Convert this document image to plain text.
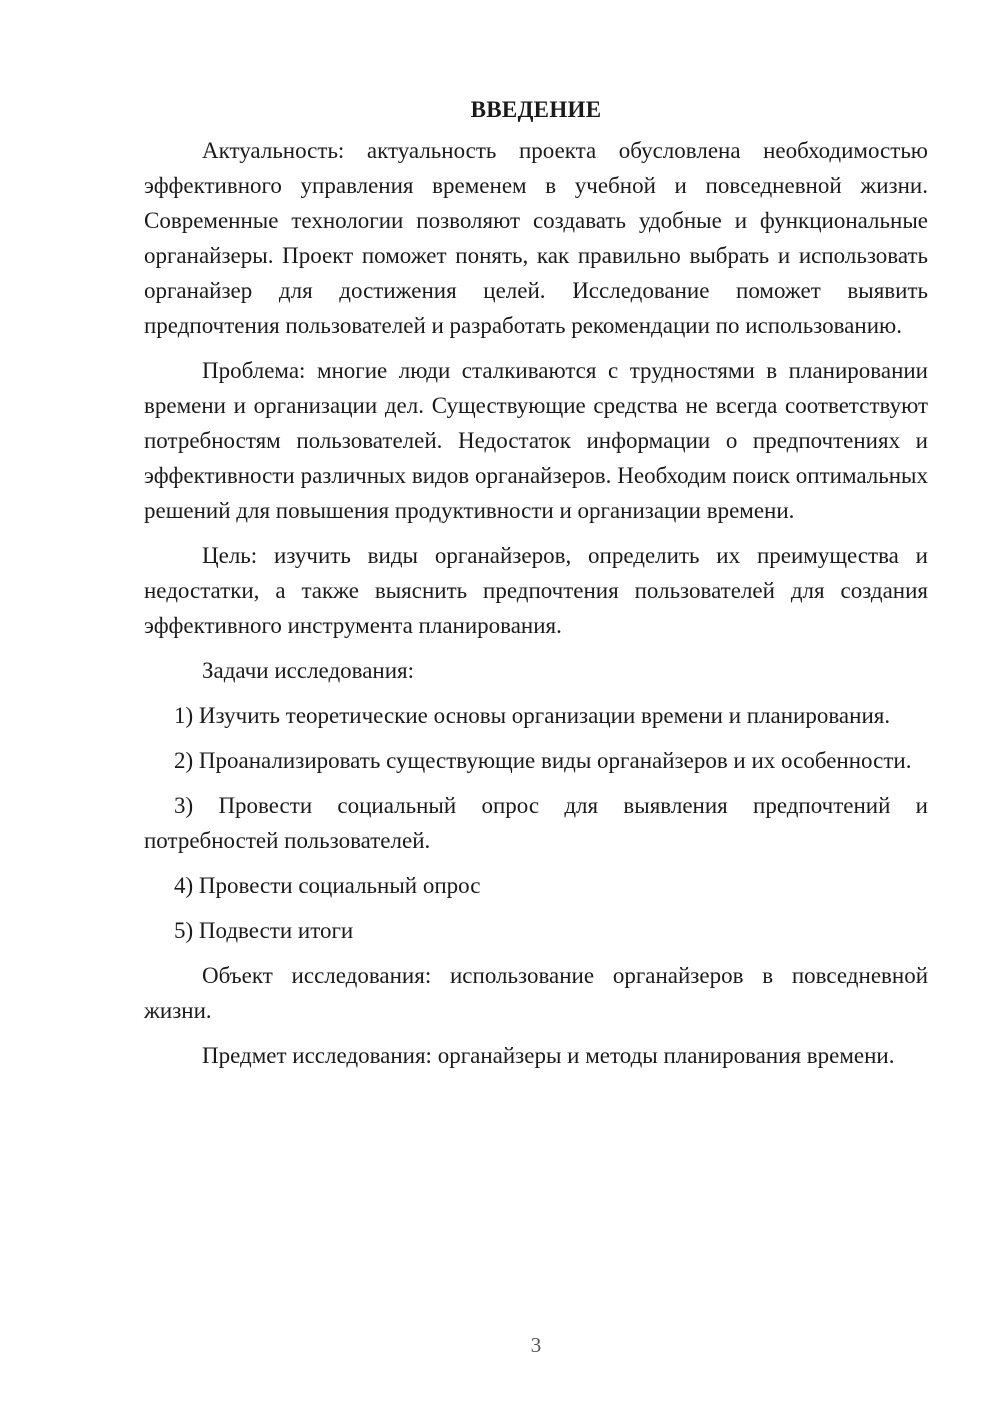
ВВЕДЕНИЕ

Актуальность: актуальность проекта обусловлена необходимостью эффективного управления временем в учебной и повседневной жизни. Современные технологии позволяют создавать удобные и функциональные органайзеры. Проект поможет понять, как правильно выбрать и использовать органайзер для достижения целей. Исследование поможет выявить предпочтения пользователей и разработать рекомендации по использованию.

Проблема: многие люди сталкиваются с трудностями в планировании времени и организации дел. Существующие средства не всегда соответствуют потребностям пользователей. Недостаток информации о предпочтениях и эффективности различных видов органайзеров. Необходим поиск оптимальных решений для повышения продуктивности и организации времени.

Цель: изучить виды органайзеров, определить их преимущества и недостатки, а также выяснить предпочтения пользователей для создания эффективного инструмента планирования.

Задачи исследования:

1) Изучить теоретические основы организации времени и планирования.

2) Проанализировать существующие виды органайзеров и их особенности.

3) Провести социальный опрос для выявления предпочтений и потребностей пользователей.

4) Провести социальный опрос

5) Подвести итоги

Объект исследования: использование органайзеров в повседневной жизни.

Предмет исследования: органайзеры и методы планирования времени.

3
